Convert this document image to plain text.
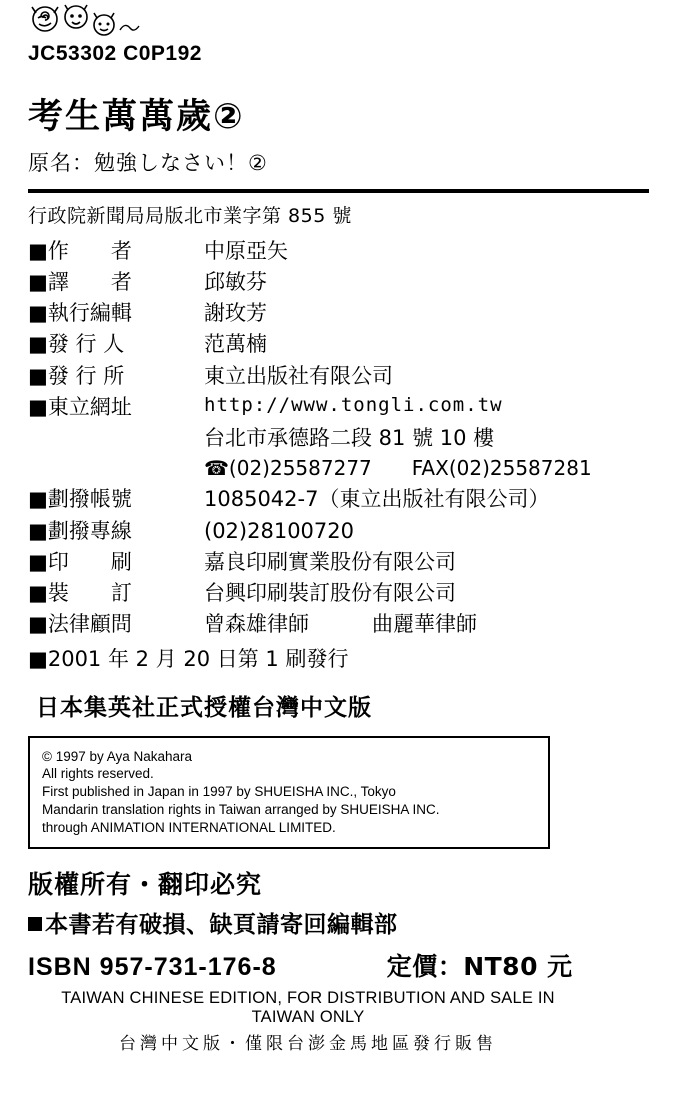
JC53302 C0P192
考生萬萬歲②
原名：勉強しなさい！②
行政院新聞局局版北市業字第 855 號
■作　　者	中原亞矢
■譯　　者	邱敏芬
■執行編輯	謝玫芳
■發 行 人	范萬楠
■發 行 所	東立出版社有限公司
■東立網址	http://www.tongli.com.tw
台北市承德路二段 81 號 10 樓
☎(02)25587277　　FAX(02)25587281
■劃撥帳號	1085042-7（東立出版社有限公司）
■劃撥專線	(02)28100720
■印　　刷	嘉良印刷實業股份有限公司
■裝　　訂	台興印刷裝訂股份有限公司
■法律顧問	曾森雄律師　　　曲麗華律師
■2001 年 2 月 20 日第 1 刷發行
日本集英社正式授權台灣中文版
© 1997 by Aya Nakahara
All rights reserved.
First published in Japan in 1997 by SHUEISHA INC., Tokyo
Mandarin translation rights in Taiwan arranged by SHUEISHA INC.
through ANIMATION INTERNATIONAL LIMITED.
版權所有・翻印必究
本書若有破損、缺頁請寄回編輯部
ISBN 957-731-176-8	定價：NT80 元
TAIWAN CHINESE EDITION, FOR DISTRIBUTION AND SALE IN TAIWAN ONLY
台灣中文版・僅限台澎金馬地區發行販售
